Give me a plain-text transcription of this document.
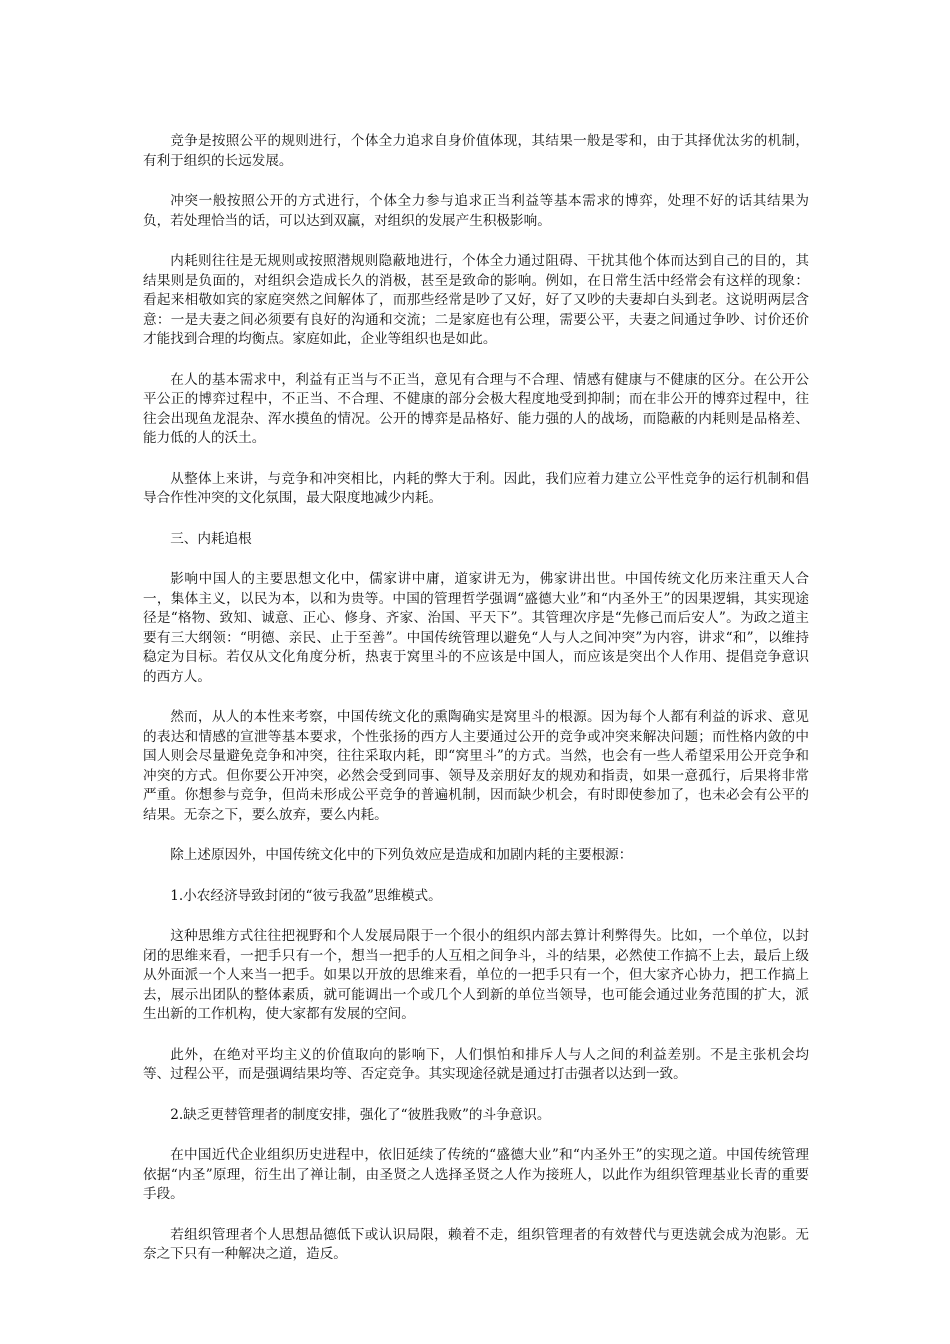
竞争是按照公平的规则进行，个体全力追求自身价值体现，其结果一般是零和，由于其择优汰劣的机制，有利于组织的长远发展。

冲突一般按照公开的方式进行，个体全力参与追求正当利益等基本需求的博弈，处理不好的话其结果为负，若处理恰当的话，可以达到双赢，对组织的发展产生积极影响。

内耗则往往是无规则或按照潜规则隐蔽地进行，个体全力通过阻碍、干扰其他个体而达到自己的目的，其结果则是负面的，对组织会造成长久的消极，甚至是致命的影响。例如，在日常生活中经常会有这样的现象：看起来相敬如宾的家庭突然之间解体了，而那些经常是吵了又好，好了又吵的夫妻却白头到老。这说明两层含意：一是夫妻之间必须要有良好的沟通和交流；二是家庭也有公理，需要公平，夫妻之间通过争吵、讨价还价才能找到合理的均衡点。家庭如此，企业等组织也是如此。

在人的基本需求中，利益有正当与不正当，意见有合理与不合理、情感有健康与不健康的区分。在公开公平公正的博弈过程中，不正当、不合理、不健康的部分会极大程度地受到抑制；而在非公开的博弈过程中，往往会出现鱼龙混杂、浑水摸鱼的情况。公开的博弈是品格好、能力强的人的战场，而隐蔽的内耗则是品格差、能力低的人的沃土。

从整体上来讲，与竞争和冲突相比，内耗的弊大于利。因此，我们应着力建立公平性竞争的运行机制和倡导合作性冲突的文化氛围，最大限度地减少内耗。

三、内耗追根

影响中国人的主要思想文化中，儒家讲中庸，道家讲无为，佛家讲出世。中国传统文化历来注重天人合一，集体主义，以民为本，以和为贵等。中国的管理哲学强调“盛德大业”和“内圣外王”的因果逻辑，其实现途径是“格物、致知、诚意、正心、修身、齐家、治国、平天下”。其管理次序是“先修己而后安人”。为政之道主要有三大纲领：“明德、亲民、止于至善”。中国传统管理以避免“人与人之间冲突”为内容，讲求“和”，以维持稳定为目标。若仅从文化角度分析，热衷于窝里斗的不应该是中国人，而应该是突出个人作用、提倡竞争意识的西方人。

然而，从人的本性来考察，中国传统文化的熏陶确实是窝里斗的根源。因为每个人都有利益的诉求、意见的表达和情感的宣泄等基本要求，个性张扬的西方人主要通过公开的竞争或冲突来解决问题；而性格内敛的中国人则会尽量避免竞争和冲突，往往采取内耗，即“窝里斗”的方式。当然，也会有一些人希望采用公开竞争和冲突的方式。但你要公开冲突，必然会受到同事、领导及亲朋好友的规劝和指责，如果一意孤行，后果将非常严重。你想参与竞争，但尚未形成公平竞争的普遍机制，因而缺少机会，有时即使参加了，也未必会有公平的结果。无奈之下，要么放弃，要么内耗。

除上述原因外，中国传统文化中的下列负效应是造成和加剧内耗的主要根源：

1.小农经济导致封闭的“彼亏我盈”思维模式。

这种思维方式往往把视野和个人发展局限于一个很小的组织内部去算计利弊得失。比如，一个单位，以封闭的思维来看，一把手只有一个，想当一把手的人互相之间争斗，斗的结果，必然使工作搞不上去，最后上级从外面派一个人来当一把手。如果以开放的思维来看，单位的一把手只有一个，但大家齐心协力，把工作搞上去，展示出团队的整体素质，就可能调出一个或几个人到新的单位当领导，也可能会通过业务范围的扩大，派生出新的工作机构，使大家都有发展的空间。

此外，在绝对平均主义的价值取向的影响下，人们惧怕和排斥人与人之间的利益差别。不是主张机会均等、过程公平，而是强调结果均等、否定竞争。其实现途径就是通过打击强者以达到一致。

2.缺乏更替管理者的制度安排，强化了“彼胜我败”的斗争意识。

在中国近代企业组织历史进程中，依旧延续了传统的“盛德大业”和“内圣外王”的实现之道。中国传统管理依据“内圣”原理，衍生出了禅让制，由圣贤之人选择圣贤之人作为接班人，以此作为组织管理基业长青的重要手段。

若组织管理者个人思想品德低下或认识局限，赖着不走，组织管理者的有效替代与更迭就会成为泡影。无奈之下只有一种解决之道，造反。
